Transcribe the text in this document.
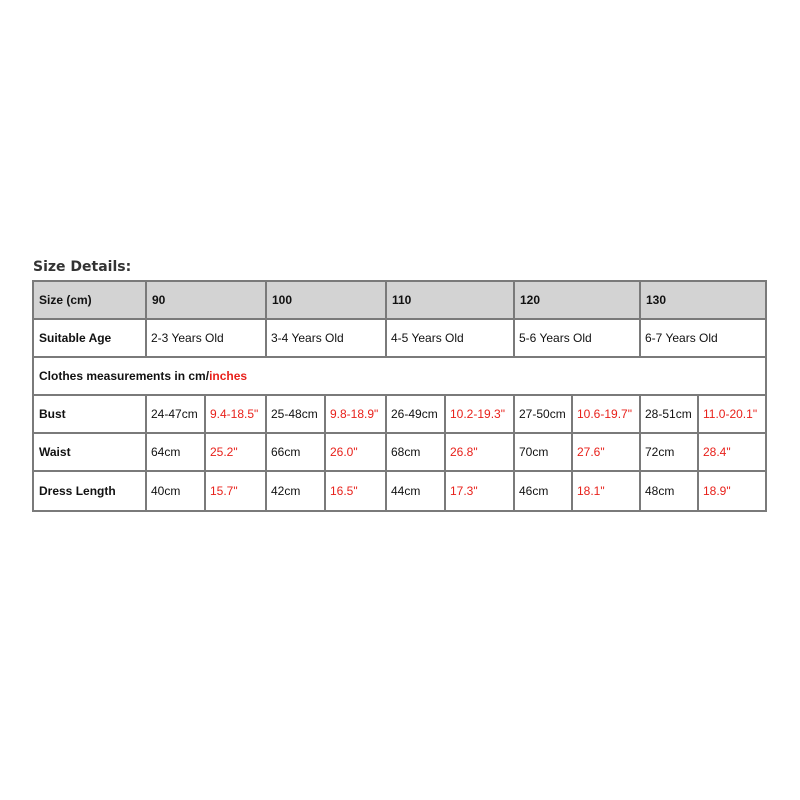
Size Details:
Size (cm)	90	100	110	120	130
Suitable Age	2-3 Years Old	3-4 Years Old	4-5 Years Old	5-6 Years Old	6-7 Years Old
Clothes measurements in cm/ inches
Bust	24-47cm	9.4-18.5"	25-48cm	9.8-18.9"	26-49cm	10.2-19.3"	27-50cm 10.6-19.7"	28-51cm 11.0-20.1"
Waist	64cm	25.2"	66cm	26.0"	68cm	26.8"	70cm	27.6"	72cm	28.4"
Dress Length	40cm	15.7"	42cm	16.5"	44cm	17.3"	46cm	18.1"	48cm	18.9"
